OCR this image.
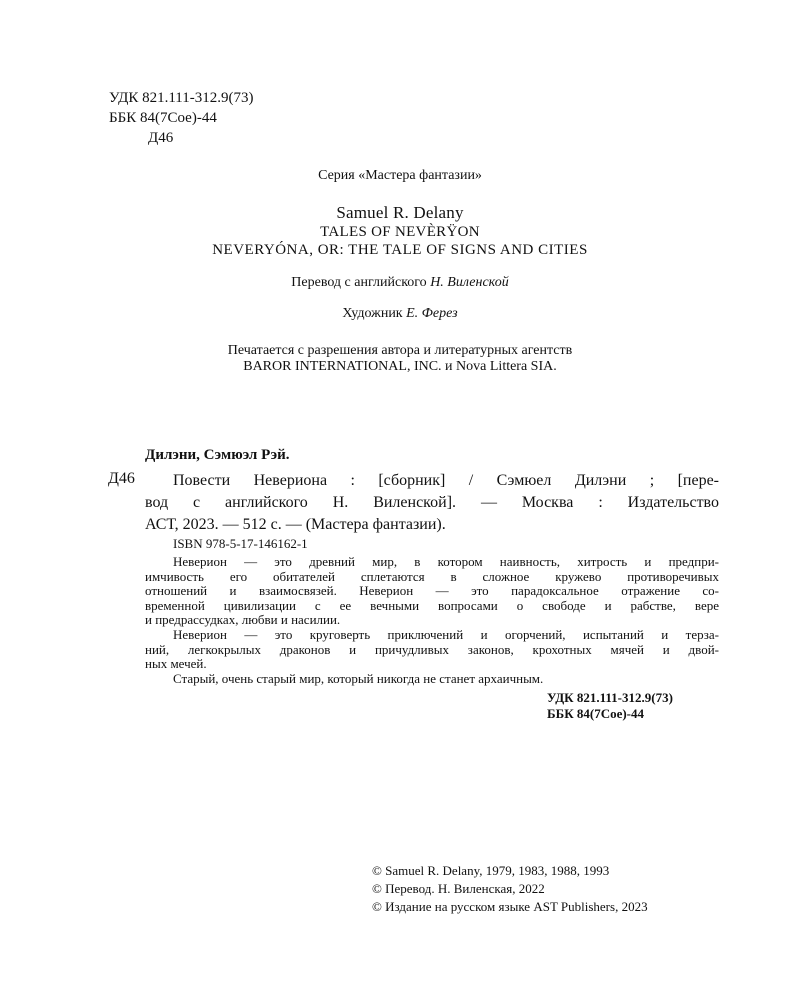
УДК 821.111-312.9(73)
ББК 84(7Сое)-44
Д46
Серия «Мастера фантазии»
Samuel R. Delany
TALES OF NEVÈRŸON
NEVERYÓNA, OR: THE TALE OF SIGNS AND CITIES
Перевод с английского Н. Виленской
Художник Е. Ферез
Печатается с разрешения автора и литературных агентств
BAROR INTERNATIONAL, INC. и Nova Littera SIA.
Дилэни, Сэмюэл Рэй.
Д46	Повести Невериона : [сборник] / Сэмюел Дилэни ; [пере-
вод с английского Н. Виленской]. — Москва : Издательство
АСТ, 2023. — 512 с. — (Мастера фантазии).
ISBN 978-5-17-146162-1

Неверион — это древний мир, в котором наивность, хитрость и предпри-
имчивость его обитателей сплетаются в сложное кружево противоречивых
отношений и взаимосвязей. Неверион — это парадоксальное отражение со-
временной цивилизации с ее вечными вопросами о свободе и рабстве, вере
и предрассудках, любви и насилии.

Неверион — это круговерть приключений и огорчений, испытаний и терза-
ний, легкокрылых драконов и причудливых законов, крохотных мячей и двой-
ных мечей.

Старый, очень старый мир, который никогда не станет архаичным.

УДК 821.111-312.9(73)
ББК 84(7Сое)-44
© Samuel R. Delany, 1979, 1983, 1988, 1993
© Перевод. Н. Виленская, 2022
© Издание на русском языке AST Publishers, 2023
